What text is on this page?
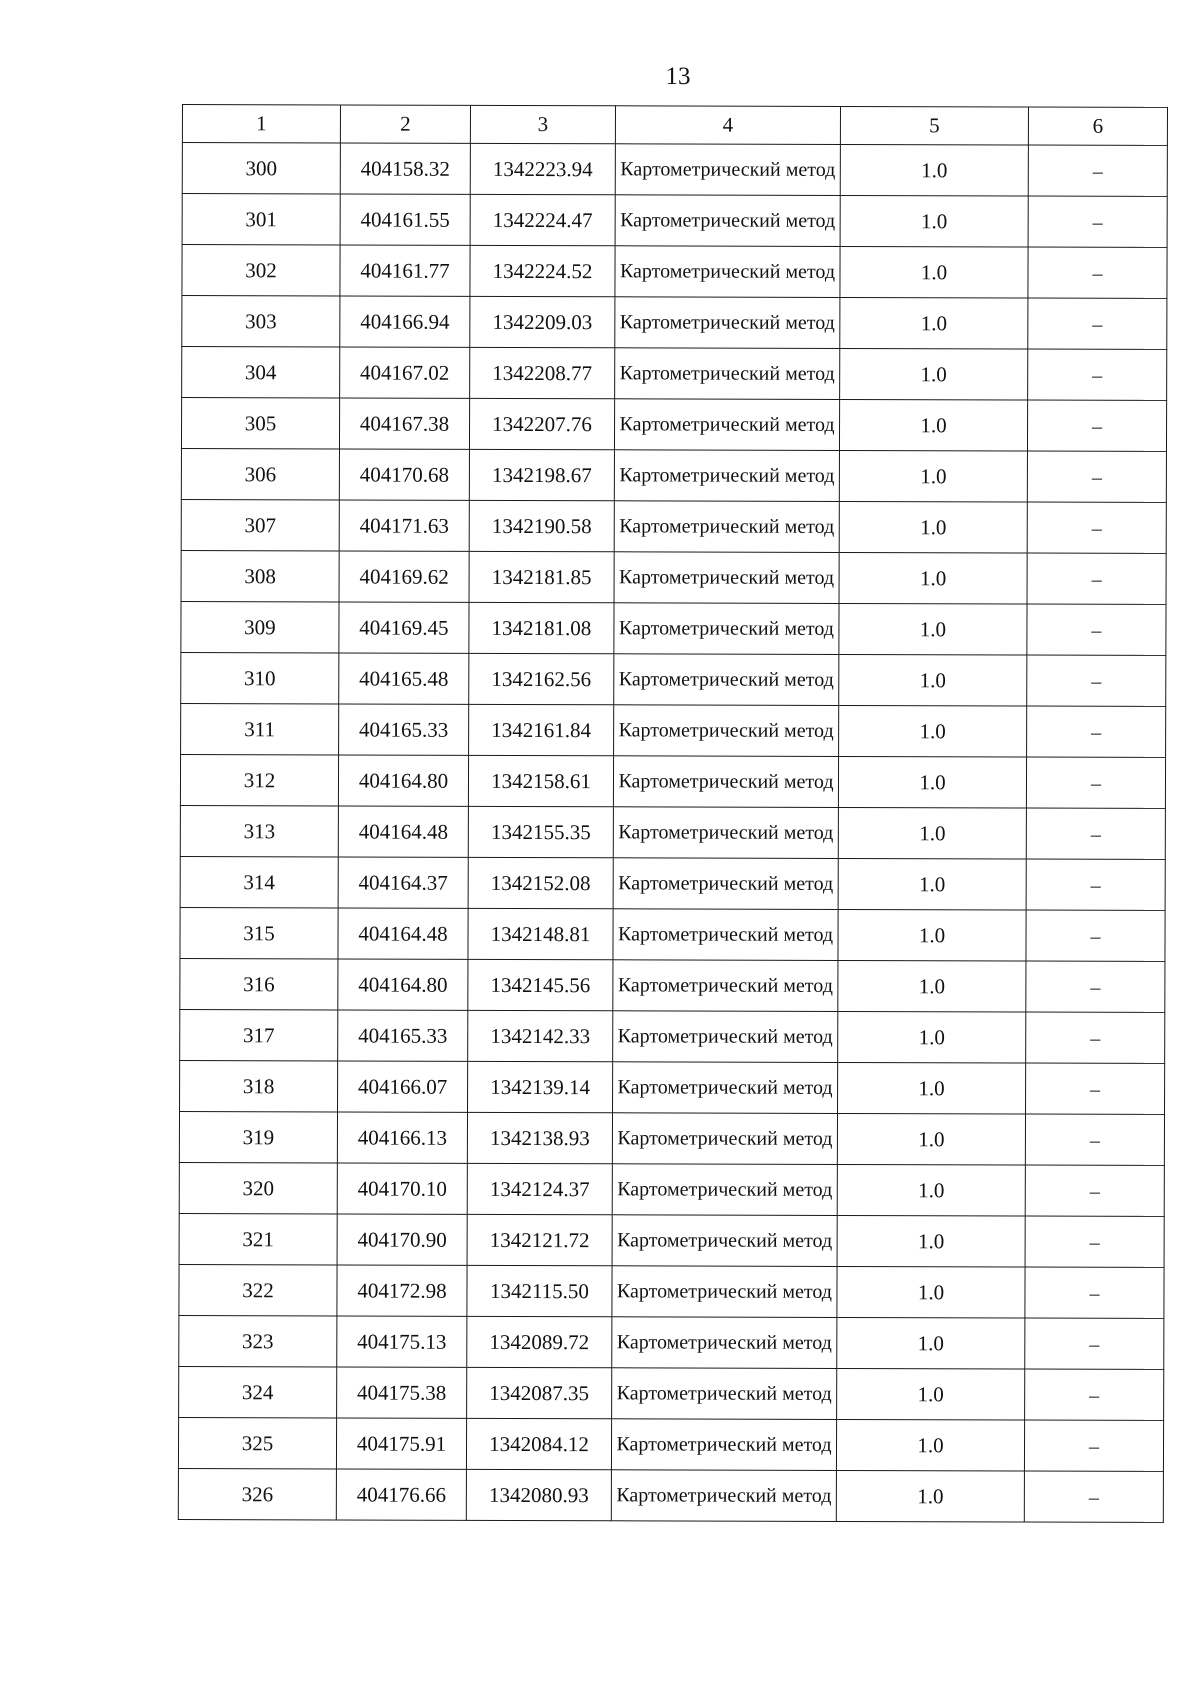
13
1	2	3	4	5	6
300	404158.32	1342223.94	Картометрический метод	1.0	–
301	404161.55	1342224.47	Картометрический метод	1.0	–
302	404161.77	1342224.52	Картометрический метод	1.0	–
303	404166.94	1342209.03	Картометрический метод	1.0	–
304	404167.02	1342208.77	Картометрический метод	1.0	–
305	404167.38	1342207.76	Картометрический метод	1.0	–
306	404170.68	1342198.67	Картометрический метод	1.0	–
307	404171.63	1342190.58	Картометрический метод	1.0	–
308	404169.62	1342181.85	Картометрический метод	1.0	–
309	404169.45	1342181.08	Картометрический метод	1.0	–
310	404165.48	1342162.56	Картометрический метод	1.0	–
311	404165.33	1342161.84	Картометрический метод	1.0	–
312	404164.80	1342158.61	Картометрический метод	1.0	–
313	404164.48	1342155.35	Картометрический метод	1.0	–
314	404164.37	1342152.08	Картометрический метод	1.0	–
315	404164.48	1342148.81	Картометрический метод	1.0	–
316	404164.80	1342145.56	Картометрический метод	1.0	–
317	404165.33	1342142.33	Картометрический метод	1.0	–
318	404166.07	1342139.14	Картометрический метод	1.0	–
319	404166.13	1342138.93	Картометрический метод	1.0	–
320	404170.10	1342124.37	Картометрический метод	1.0	–
321	404170.90	1342121.72	Картометрический метод	1.0	–
322	404172.98	1342115.50	Картометрический метод	1.0	–
323	404175.13	1342089.72	Картометрический метод	1.0	–
324	404175.38	1342087.35	Картометрический метод	1.0	–
325	404175.91	1342084.12	Картометрический метод	1.0	–
326	404176.66	1342080.93	Картометрический метод	1.0	–
